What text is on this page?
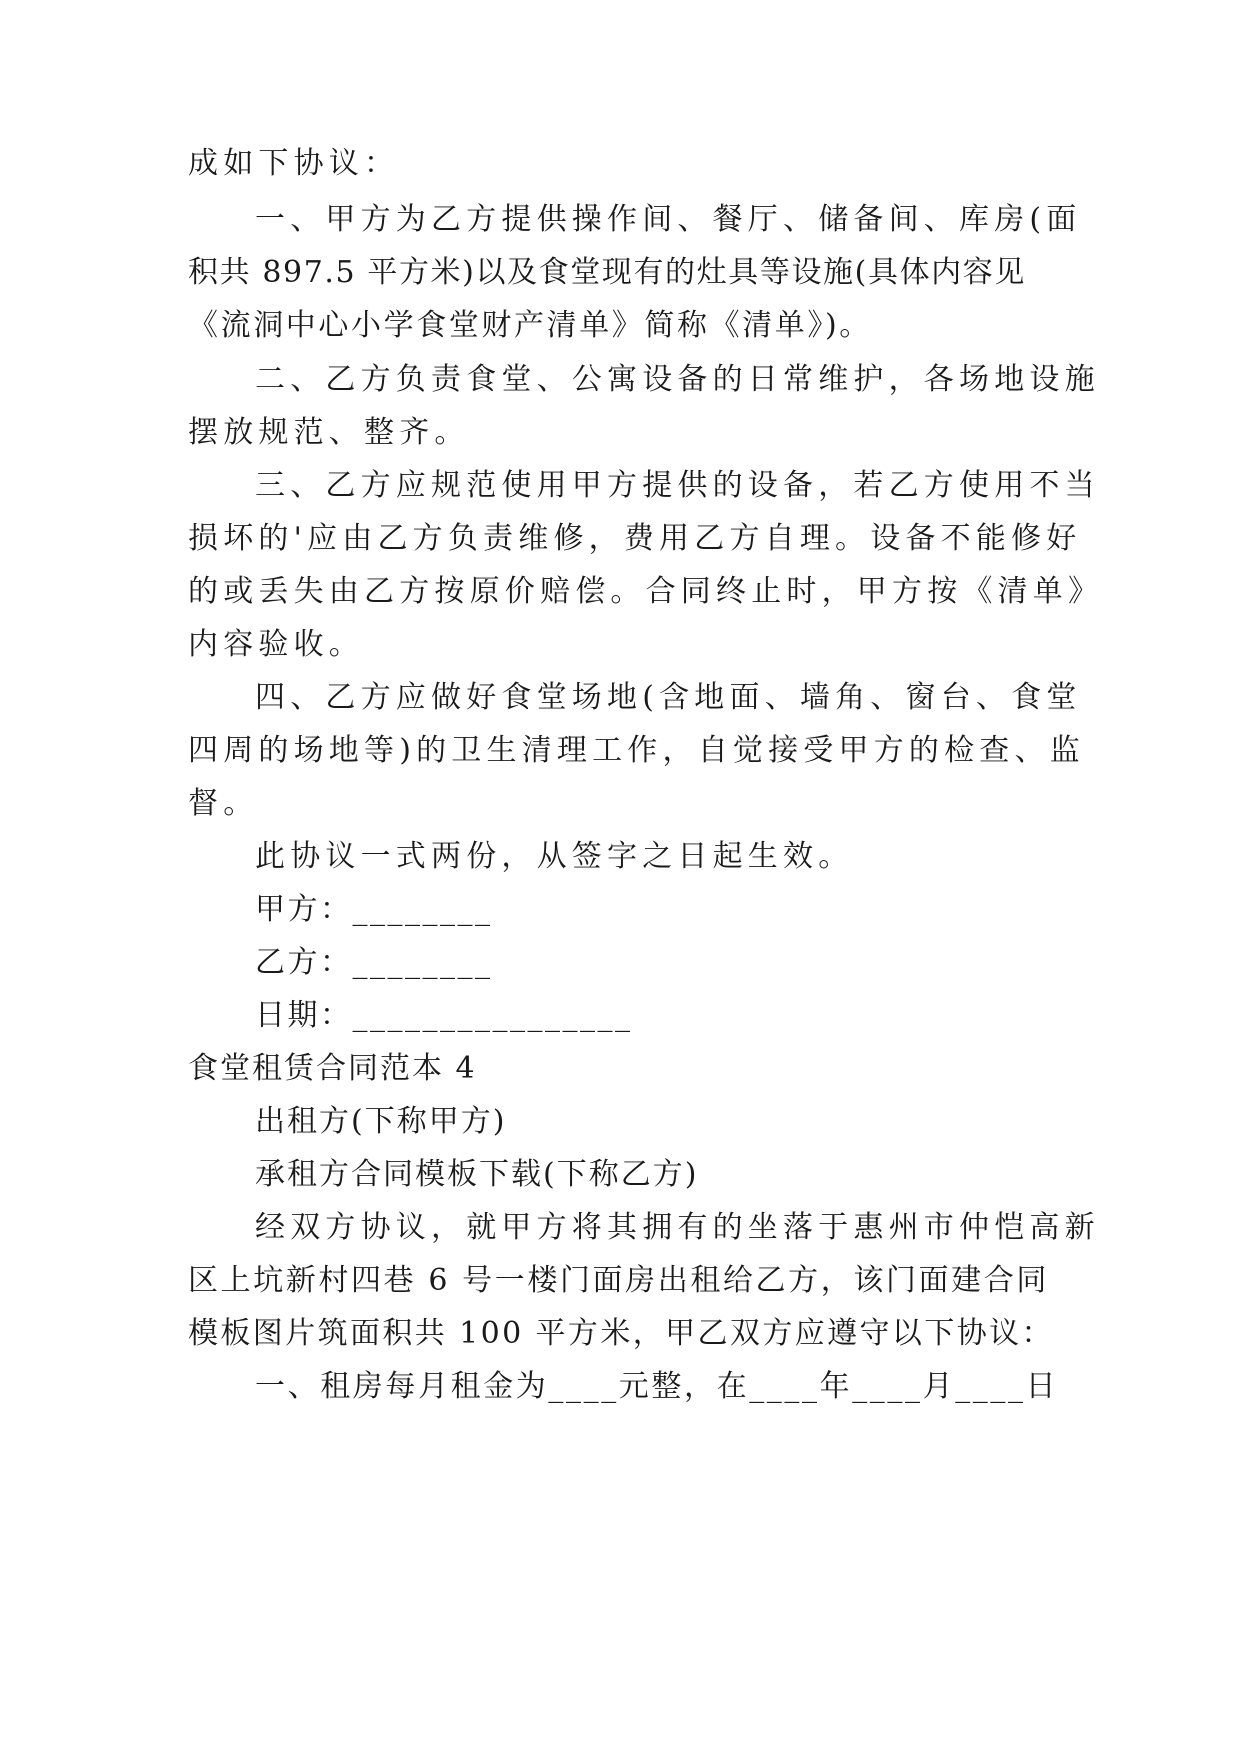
成如下协议：
一、甲方为乙方提供操作间、餐厅、储备间、库房(面
积共 897.5 平方米)以及食堂现有的灶具等设施(具体内容见
《流洞中心小学食堂财产清单》简称《清单》)。
二、乙方负责食堂、公寓设备的日常维护，各场地设施
摆放规范、整齐。
三、乙方应规范使用甲方提供的设备，若乙方使用不当
损坏的'应由乙方负责维修，费用乙方自理。设备不能修好
的或丢失由乙方按原价赔偿。合同终止时，甲方按《清单》
内容验收。
四、乙方应做好食堂场地(含地面、墙角、窗台、食堂
四周的场地等)的卫生清理工作，自觉接受甲方的检查、监
督。
此协议一式两份，从签字之日起生效。
甲方：________
乙方：________
日期：________________
食堂租赁合同范本 4
出租方(下称甲方)
承租方合同模板下载(下称乙方)
经双方协议，就甲方将其拥有的坐落于惠州市仲恺高新
区上坑新村四巷 6 号一楼门面房出租给乙方，该门面建合同
模板图片筑面积共 100 平方米，甲乙双方应遵守以下协议：
一、租房每月租金为____元整，在____年____月____日
